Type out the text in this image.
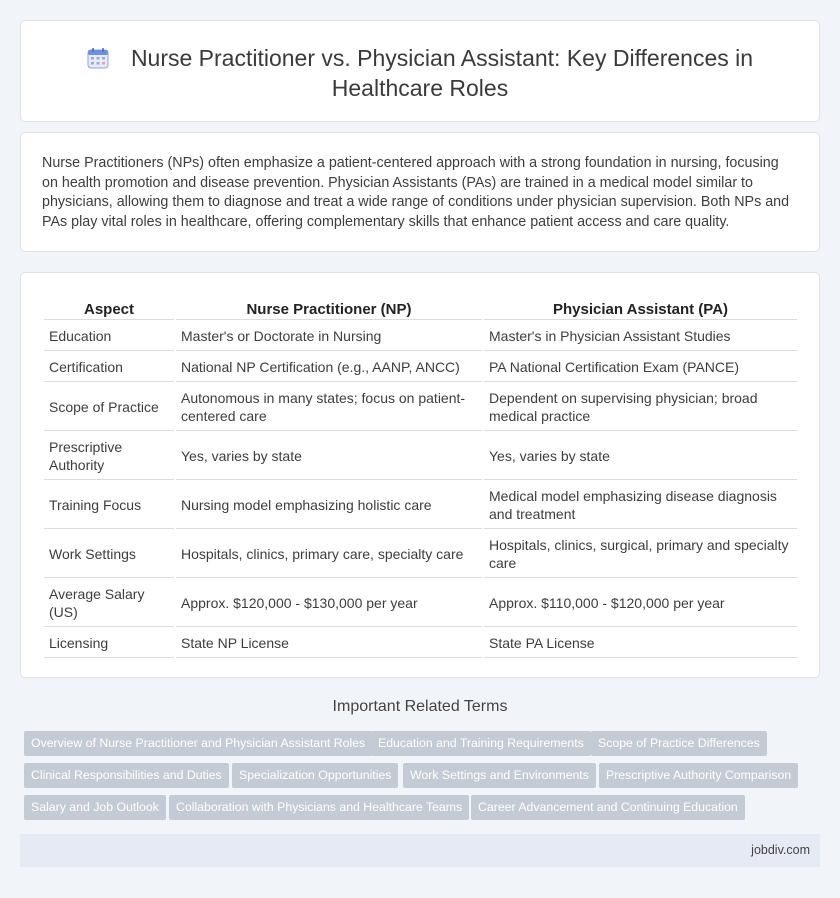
Nurse Practitioner vs. Physician Assistant: Key Differences in Healthcare Roles

Nurse Practitioners (NPs) often emphasize a patient-centered approach with a strong foundation in nursing, focusing on health promotion and disease prevention. Physician Assistants (PAs) are trained in a medical model similar to physicians, allowing them to diagnose and treat a wide range of conditions under physician supervision. Both NPs and PAs play vital roles in healthcare, offering complementary skills that enhance patient access and care quality.

Aspect	Nurse Practitioner (NP)	Physician Assistant (PA)
Education	Master's or Doctorate in Nursing	Master's in Physician Assistant Studies
Certification	National NP Certification (e.g., AANP, ANCC)	PA National Certification Exam (PANCE)
Scope of Practice	Autonomous in many states; focus on patient-centered care	Dependent on supervising physician; broad medical practice
Prescriptive Authority	Yes, varies by state	Yes, varies by state
Training Focus	Nursing model emphasizing holistic care	Medical model emphasizing disease diagnosis and treatment
Work Settings	Hospitals, clinics, primary care, specialty care	Hospitals, clinics, surgical, primary and specialty care
Average Salary (US)	Approx. $120,000 - $130,000 per year	Approx. $110,000 - $120,000 per year
Licensing	State NP License	State PA License
Important Related Terms
Overview of Nurse Practitioner and Physician Assistant Roles	Education and Training Requirements	Scope of Practice Differences
Clinical Responsibilities and Duties	Specialization Opportunities	Work Settings and Environments	Prescriptive Authority Comparison
Salary and Job Outlook	Collaboration with Physicians and Healthcare Teams	Career Advancement and Continuing Education
jobdiv.com
